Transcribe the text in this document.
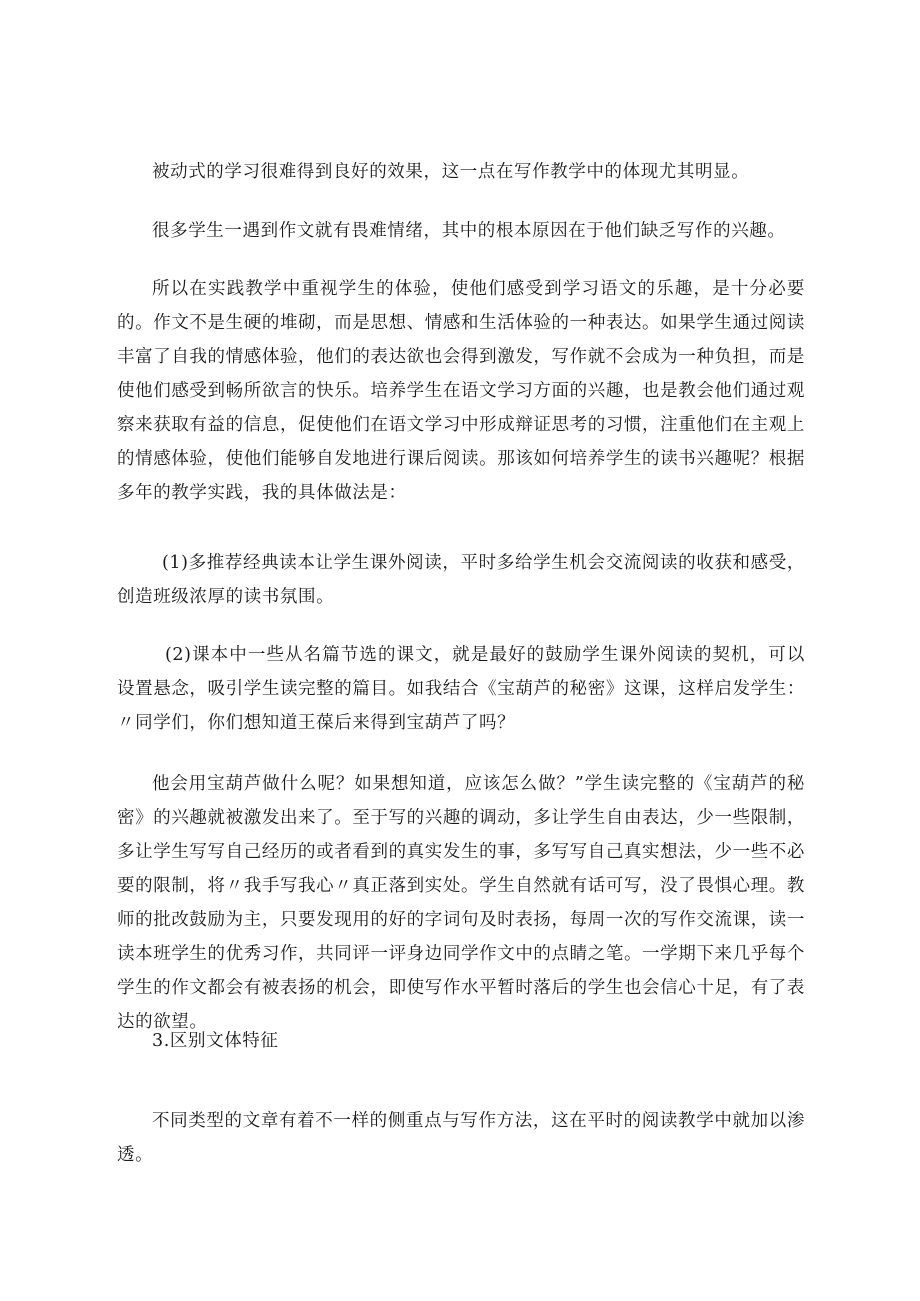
被动式的学习很难得到良好的效果，这一点在写作教学中的体现尤其明显。

很多学生一遇到作文就有畏难情绪，其中的根本原因在于他们缺乏写作的兴趣。

所以在实践教学中重视学生的体验，使他们感受到学习语文的乐趣，是十分必要的。作文不是生硬的堆砌，而是思想、情感和生活体验的一种表达。如果学生通过阅读丰富了自我的情感体验，他们的表达欲也会得到激发，写作就不会成为一种负担，而是使他们感受到畅所欲言的快乐。培养学生在语文学习方面的兴趣，也是教会他们通过观察来获取有益的信息，促使他们在语文学习中形成辩证思考的习惯，注重他们在主观上的情感体验，使他们能够自发地进行课后阅读。那该如何培养学生的读书兴趣呢？根据多年的教学实践，我的具体做法是：

(1)多推荐经典读本让学生课外阅读，平时多给学生机会交流阅读的收获和感受，创造班级浓厚的读书氛围。

(2)课本中一些从名篇节选的课文，就是最好的鼓励学生课外阅读的契机，可以设置悬念，吸引学生读完整的篇目。如我结合《宝葫芦的秘密》这课，这样启发学生：〃同学们，你们想知道王葆后来得到宝葫芦了吗？

他会用宝葫芦做什么呢？如果想知道，应该怎么做？”学生读完整的《宝葫芦的秘密》的兴趣就被激发出来了。至于写的兴趣的调动，多让学生自由表达，少一些限制，多让学生写写自己经历的或者看到的真实发生的事，多写写自己真实想法，少一些不必要的限制，将〃我手写我心〃真正落到实处。学生自然就有话可写，没了畏惧心理。教师的批改鼓励为主，只要发现用的好的字词句及时表扬，每周一次的写作交流课，读一读本班学生的优秀习作，共同评一评身边同学作文中的点睛之笔。一学期下来几乎每个学生的作文都会有被表扬的机会，即使写作水平暂时落后的学生也会信心十足，有了表达的欲望。

3.区别文体特征

不同类型的文章有着不一样的侧重点与写作方法，这在平时的阅读教学中就加以渗透。
